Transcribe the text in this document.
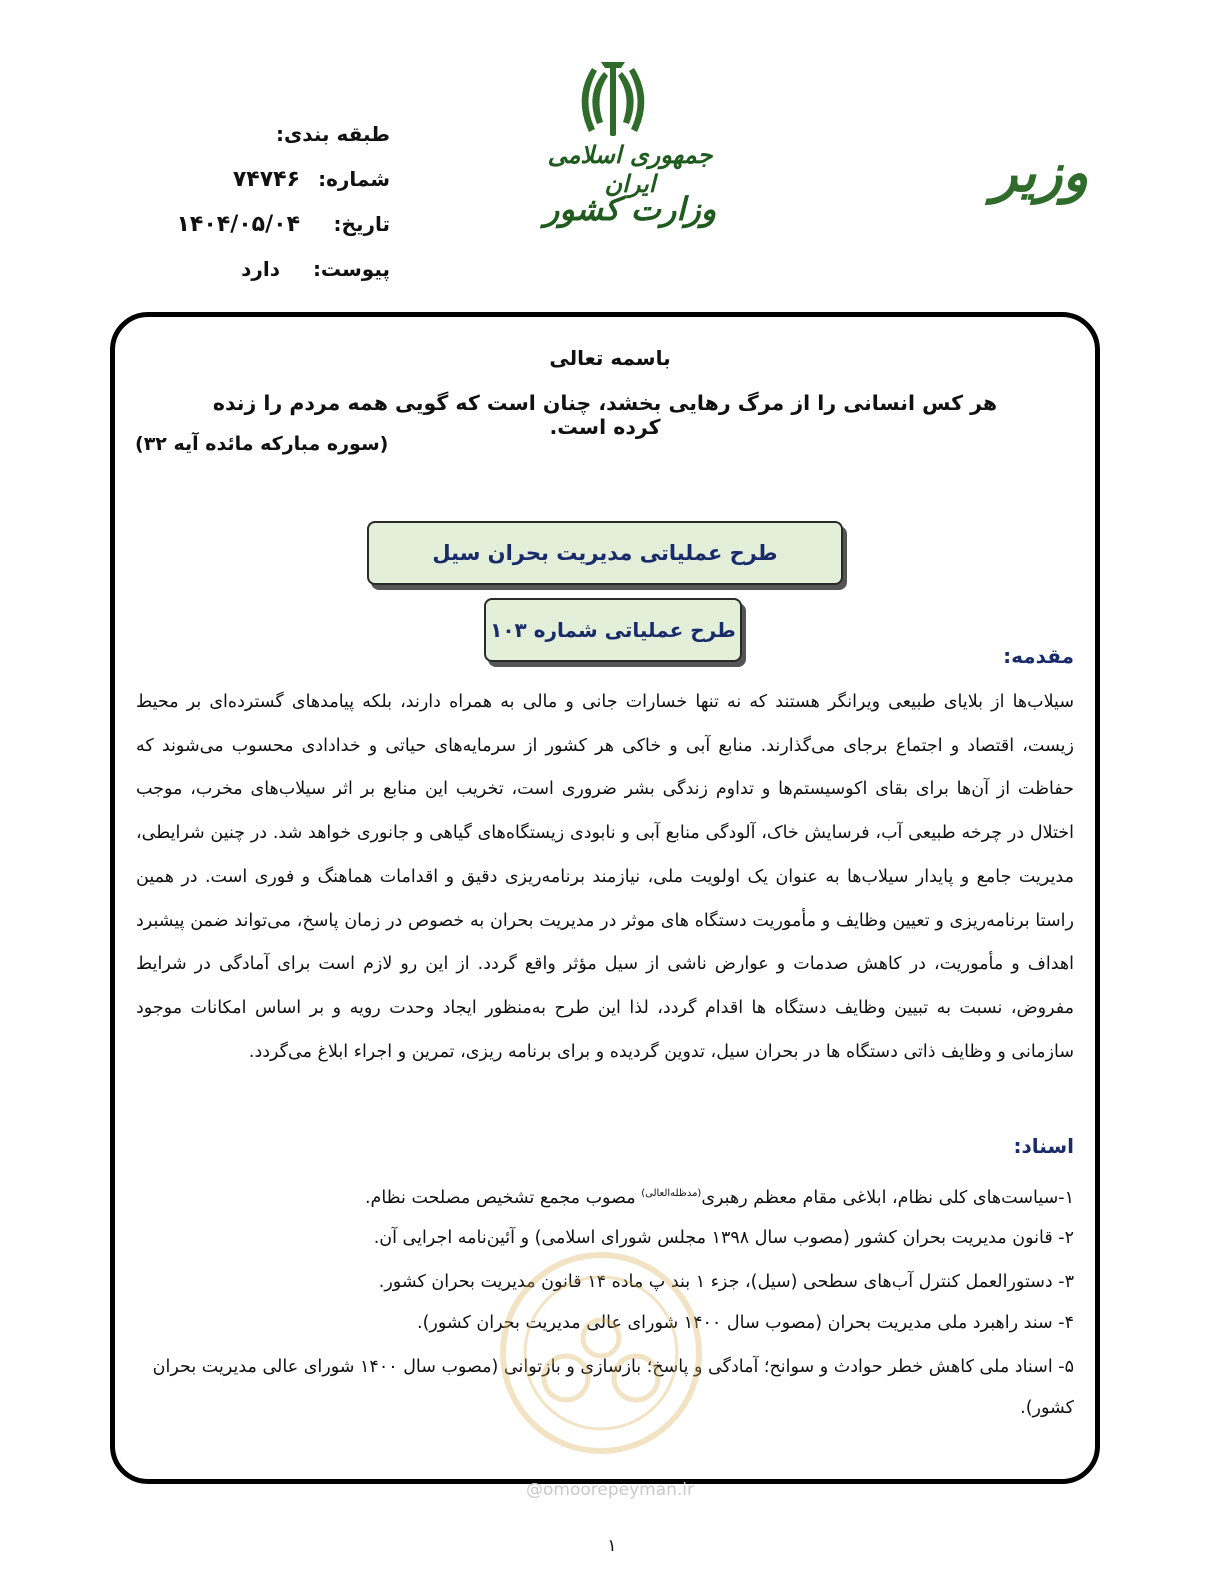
طبقه بندی:
شماره:
۷۴۷۴۶
تاریخ:
۱۴۰۴/۰۵/۰۴
پیوست:
دارد
جمهوری اسلامی ایران
وزارت کشور
وزیر
باسمه تعالی
هر کس انسانی را از مرگ رهایی بخشد، چنان است که گویی همه مردم را زنده کرده است.
(سوره مبارکه مائده آیه ۳۲)
طرح عملیاتی مدیریت بحران سیل
طرح عملیاتی شماره ۱۰۳
مقدمه:
سیلاب‌ها از بلایای طبیعی ویرانگر هستند که نه تنها خسارات جانی و مالی به همراه دارند، بلکه پیامدهای گسترده‌ای بر محیط زیست، اقتصاد و اجتماع برجای می‌گذارند. منابع آبی و خاکی هر کشور از سرمایه‌های حیاتی و خدادادی محسوب می‌شوند که حفاظت از آن‌ها برای بقای اکوسیستم‌ها و تداوم زندگی بشر ضروری است، تخریب این منابع بر اثر سیلاب‌های مخرب، موجب اختلال در چرخه طبیعی آب، فرسایش خاک، آلودگی منابع آبی و نابودی زیستگاه‌های گیاهی و جانوری خواهد شد. در چنین شرایطی، مدیریت جامع و پایدار سیلاب‌ها به عنوان یک اولویت ملی، نیازمند برنامه‌ریزی دقیق و اقدامات هماهنگ و فوری است. در همین راستا برنامه‌ریزی و تعیین وظایف و مأموریت دستگاه های موثر در مدیریت بحران به خصوص در زمان پاسخ، می‌تواند ضمن پیشبرد اهداف و مأموریت، در کاهش صدمات و عوارض ناشی از سیل مؤثر واقع گردد. از این رو لازم است برای آمادگی در شرایط مفروض، نسبت به تبیین وظایف دستگاه ها اقدام گردد، لذا این طرح به‌منظور ایجاد وحدت رویه و بر اساس امکانات موجود سازمانی و وظایف ذاتی دستگاه ها در بحران سیل، تدوین گردیده و برای برنامه ریزی، تمرین و اجراء ابلاغ می‌گردد.
اسناد:
۱-سیاست‌های کلی نظام، ابلاغی مقام معظم رهبری$^{(مدظله‌العالی)}$ مصوب مجمع تشخیص مصلحت نظام.
۲- قانون مدیریت بحران کشور (مصوب سال ۱۳۹۸ مجلس شورای اسلامی) و آئین‌نامه اجرایی آن.
۳- دستورالعمل کنترل آب‌های سطحی (سیل)، جزء ۱ بند پ ماده ۱۴ قانون مدیریت بحران کشور.
۴- سند راهبرد ملی مدیریت بحران (مصوب سال ۱۴۰۰ شورای عالی مدیریت بحران کشور).
۵- اسناد ملی کاهش خطر حوادث و سوانح؛ آمادگی و پاسخ؛ بازسازی و بازتوانی (مصوب سال ۱۴۰۰ شورای عالی مدیریت بحران کشور).
@omoorepeyman.ir
۱
